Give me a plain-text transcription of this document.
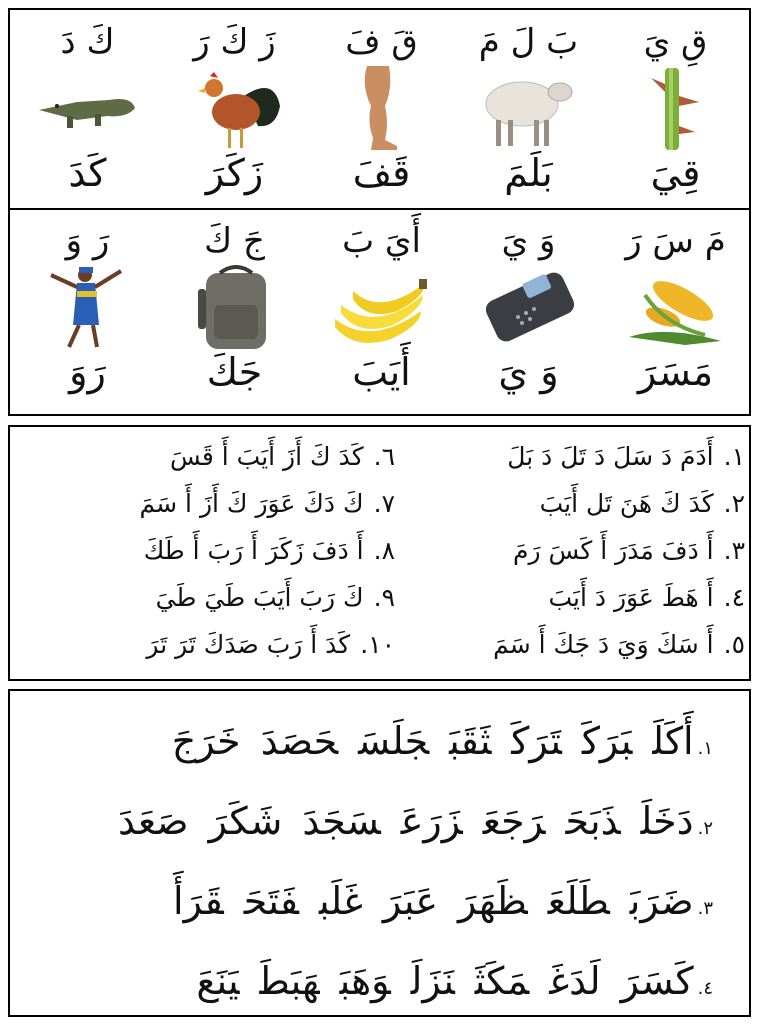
قِ يَ
قِيَ
بَ لَ مَ
بَلَمَ
قَ فَ
قَفَ
زَ كَ رَ
زَكَرَ
كَ دَ
كَدَ
مَ سَ رَ
مَسَرَ
وَ يَ
وَ يَ
أَيَ بَ
أَيَبَ
جَ كَ
جَكَ
رَ وَ
رَوَ
١.أَدَمَ دَ سَلَ دَ تَلَ دَ بَلَ
٢.كَدَ كَ هَنَ تَل أَيَبَ
٣.أَ دَفَ مَدَرَ أَ كَسَ رَمَ
٤.أَ هَطَ عَوَرَ دَ أَيَبَ
٥.أَ سَكَ وَيَ دَ جَكَ أَ سَمَ
٦.كَدَ كَ أَزَ أَيَبَ أَ قَسَ
٧.كَ دَكَ عَوَرَ كَ أَزَ أَ سَمَ
٨.أَ دَفَ زَكَرَ أَ رَبَ أَ طَكَ
٩.كَ رَبَ أَيَبَ طَيَ طَيَ
١٠.كَدَ أَ رَبَ صَدَكَ تَرَ تَرَ
١.أَكَلَبَرَكَتَرَكَثَقَبَجَلَسَحَصَدَخَرَجَ
٢.دَخَلَذَبَحَرَجَعَزَرَعَسَجَدَشَكَرَصَعَدَ
٣.ضَرَبَطَلَعَظَهَرَعَبَرَغَلَبفَتَحَقَرَأَ
٤.كَسَرَلَدَغَمَكَثَنَزَلَوَهَبَهَبَطَيَنَعَ
